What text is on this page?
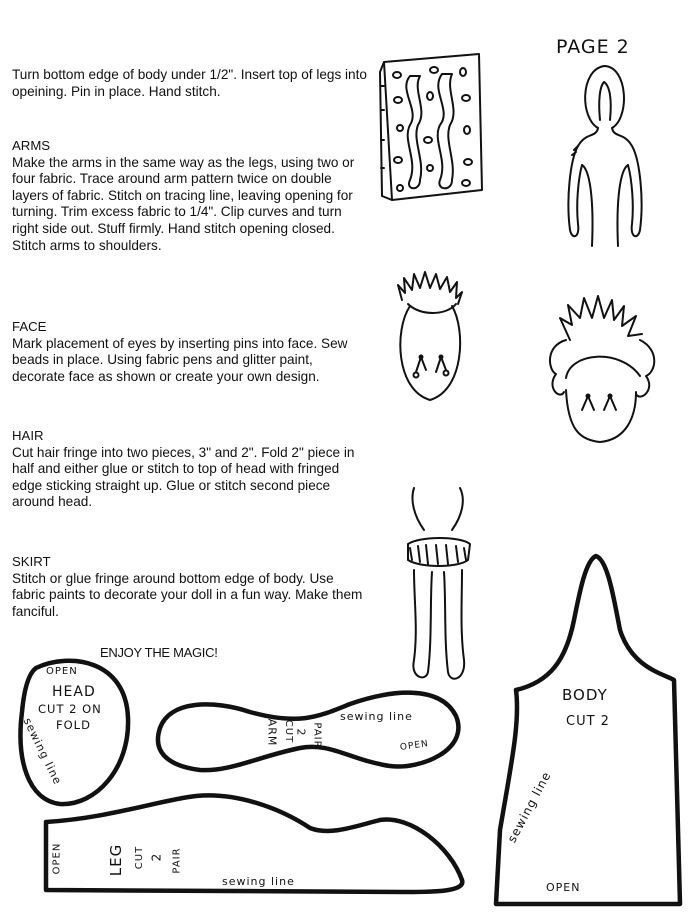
PAGE 2
Turn bottom edge of body under 1/2". Insert top of legs into opeining. Pin in place. Hand stitch.
ARMS
Make the arms in the same way as the legs, using two or four fabric. Trace around arm pattern twice on double layers of fabric. Stitch on tracing line, leaving opening for turning. Trim excess fabric to 1/4". Clip curves and turn right side out. Stuff firmly. Hand stitch opening closed. Stitch arms to shoulders.
FACE
Mark placement of eyes by inserting pins into face. Sew beads in place. Using fabric pens and glitter paint, decorate face as shown or create your own design.
HAIR
Cut hair fringe into two pieces, 3" and 2". Fold 2" piece in half and either glue or stitch to top of head with fringed edge sticking straight up. Glue or stitch second piece around head.
SKIRT
Stitch or glue fringe around bottom edge of body. Use fabric paints to decorate your doll in a fun way. Make them fanciful.
ENJOY THE MAGIC!
OPEN
HEAD
CUT 2 ON
FOLD
sewing line	ARM CUT 2 PAIR
sewing line
OPEN
OPEN	LEG CUT 2 PAIR
sewing line
BODY
CUT 2
sewing line
OPEN
